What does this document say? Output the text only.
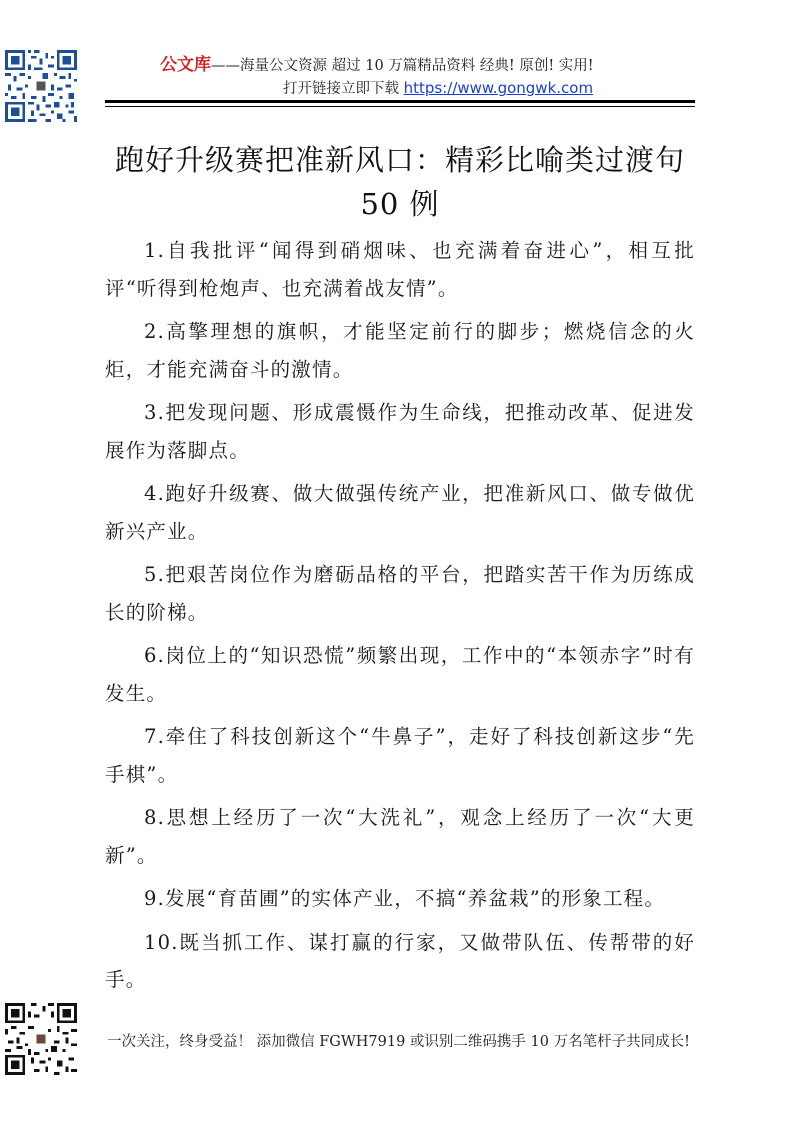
公文库——海量公文资源 超过 10 万篇精品资料 经典! 原创! 实用!
打开链接立即下载 https://www.gongwk.com
跑好升级赛把准新风口：精彩比喻类过渡句50 例

1.自我批评“闻得到硝烟味、也充满着奋进心”，相互批评“听得到枪炮声、也充满着战友情”。

2.高擎理想的旗帜，才能坚定前行的脚步；燃烧信念的火炬，才能充满奋斗的激情。

3.把发现问题、形成震慑作为生命线，把推动改革、促进发展作为落脚点。

4.跑好升级赛、做大做强传统产业，把准新风口、做专做优新兴产业。

5.把艰苦岗位作为磨砺品格的平台，把踏实苦干作为历练成长的阶梯。

6.岗位上的“知识恐慌”频繁出现，工作中的“本领赤字”时有发生。

7.牵住了科技创新这个“牛鼻子”，走好了科技创新这步“先手棋”。

8.思想上经历了一次“大洗礼”，观念上经历了一次“大更新”。

9.发展“育苗圃”的实体产业，不搞“养盆栽”的形象工程。

10.既当抓工作、谋打赢的行家，又做带队伍、传帮带的好手。

一次关注，终身受益！ 添加微信 FGWH7919 或识别二维码携手 10 万名笔杆子共同成长!
